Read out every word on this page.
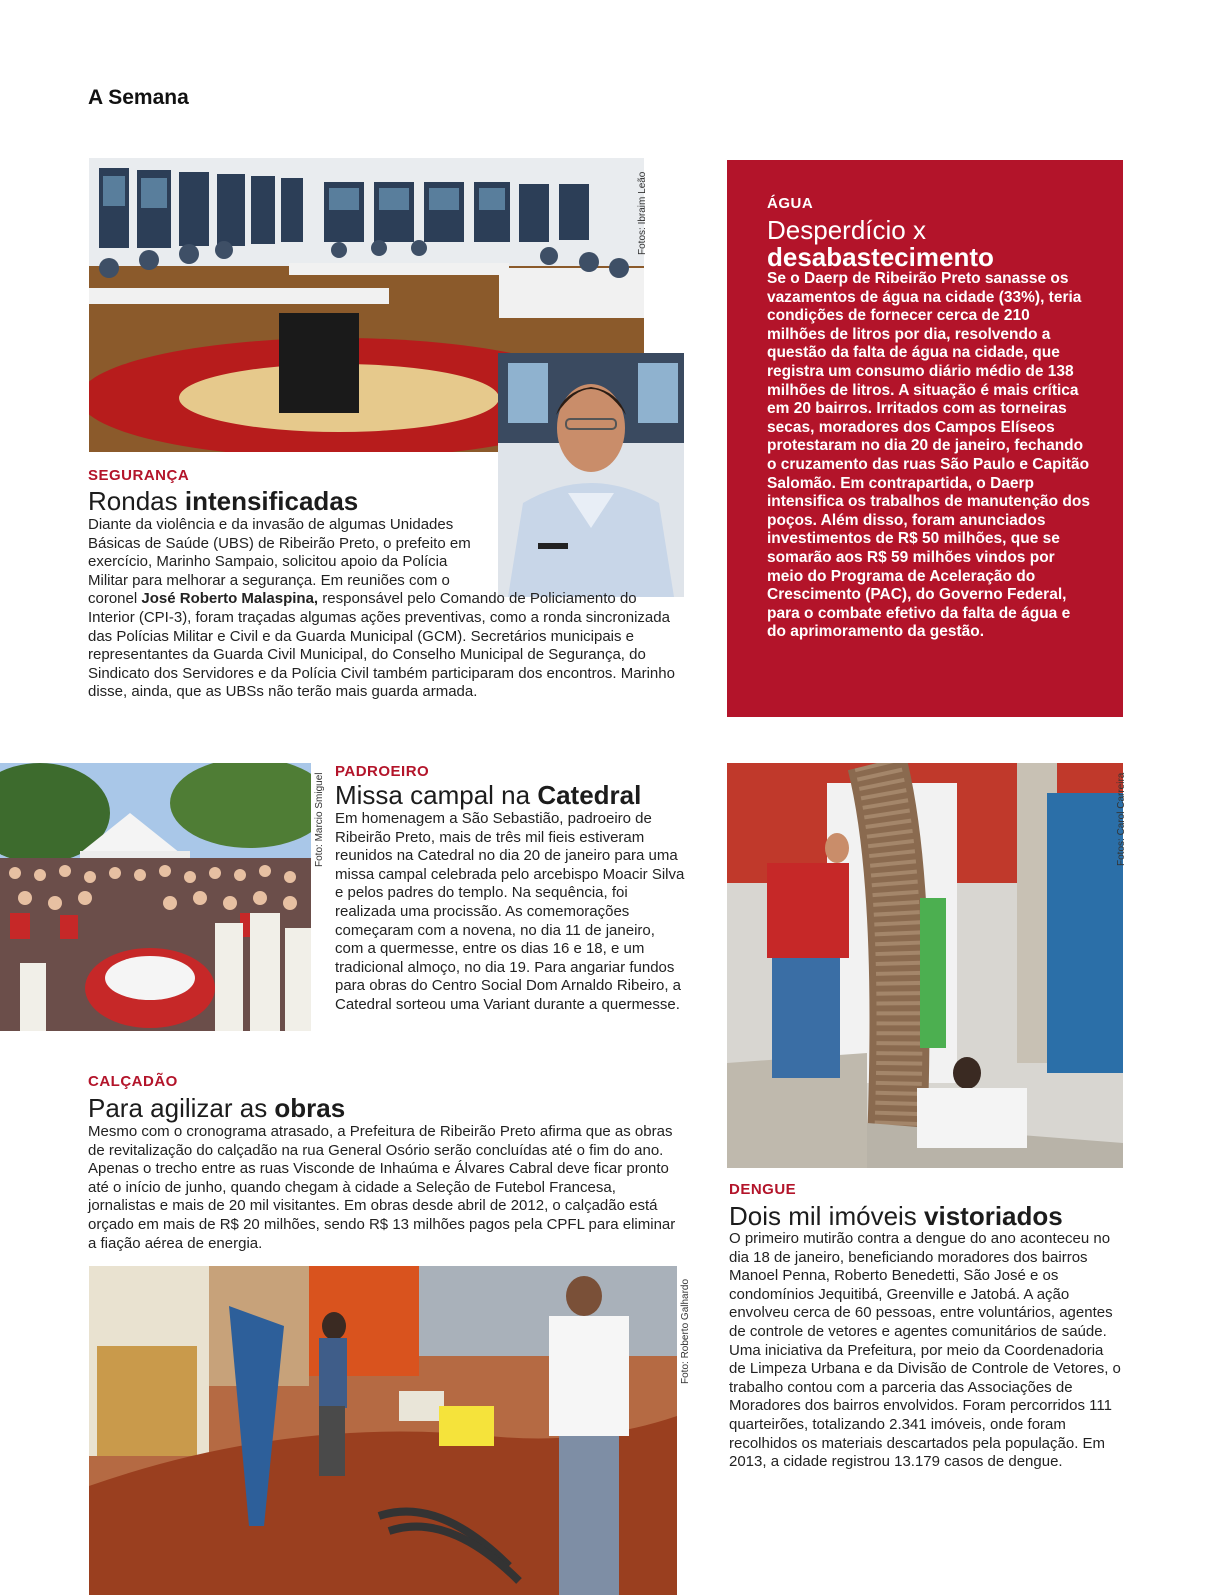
A Semana
Fotos: Ibraim Leão
SEGURANÇA
Rondas intensificadas

Diante da violência e da invasão de algumas Unidades Básicas de Saúde (UBS) de Ribeirão Preto, o prefeito em exercício, Marinho Sampaio, solicitou apoio da Polícia Militar para melhorar a segurança. Em reuniões com o coronel José Roberto Malaspina, responsável pelo Comando de Policiamento do Interior (CPI-3), foram traçadas algumas ações preventivas, como a ronda sincronizada das Polícias Militar e Civil e da Guarda Municipal (GCM). Secretários municipais e representantes da Guarda Civil Municipal, do Conselho Municipal de Segurança, do Sindicato dos Servidores e da Polícia Civil também participaram dos encontros. Marinho disse, ainda, que as UBSs não terão mais guarda armada.

ÁGUA
Desperdício x
desabastecimento

Se o Daerp de Ribeirão Preto sanasse os vazamentos de água na cidade (33%), teria condições de fornecer cerca de 210 milhões de litros por dia, resolvendo a questão da falta de água na cidade, que registra um consumo diário médio de 138 milhões de litros. A situação é mais crítica em 20 bairros. Irritados com as torneiras secas, moradores dos Campos Elíseos protestaram no dia 20 de janeiro, fechando o cruzamento das ruas São Paulo e Capitão Salomão. Em contrapartida, o Daerp intensifica os trabalhos de manutenção dos poços. Além disso, foram anunciados investimentos de R$ 50 milhões, que se somarão aos R$ 59 milhões vindos por meio do Programa de Aceleração do Crescimento (PAC), do Governo Federal, para o combate efetivo da falta de água e do aprimoramento da gestão.

Foto: Marcio Smiguel
PADROEIRO
Missa campal na Catedral

Em homenagem a São Sebastião, padroeiro de Ribeirão Preto, mais de três mil fieis estiveram reunidos na Catedral no dia 20 de janeiro para uma missa campal celebrada pelo arcebispo Moacir Silva e pelos padres do templo. Na sequência, foi realizada uma procissão. As comemorações começaram com a novena, no dia 11 de janeiro, com a quermesse, entre os dias 16 e 18, e um tradicional almoço, no dia 19. Para angariar fundos para obras do Centro Social Dom Arnaldo Ribeiro, a Catedral sorteou uma Variant durante a quermesse.

CALÇADÃO
Para agilizar as obras

Mesmo com o cronograma atrasado, a Prefeitura de Ribeirão Preto afirma que as obras de revitalização do calçadão na rua General Osório serão concluídas até o fim do ano. Apenas o trecho entre as ruas Visconde de Inhaúma e Álvares Cabral deve ficar pronto até o início de junho, quando chegam à cidade a Seleção de Futebol Francesa, jornalistas e mais de 20 mil visitantes. Em obras desde abril de 2012, o calçadão está orçado em mais de R$ 20 milhões, sendo R$ 13 milhões pagos pela CPFL para eliminar a fiação aérea de energia.

Foto: Roberto Galhardo
Fotos: Carol Carreira
DENGUE
Dois mil imóveis vistoriados

O primeiro mutirão contra a dengue do ano aconteceu no dia 18 de janeiro, beneficiando moradores dos bairros Manoel Penna, Roberto Benedetti, São José e os condomínios Jequitibá, Greenville e Jatobá. A ação envolveu cerca de 60 pessoas, entre voluntários, agentes de controle de vetores e agentes comunitários de saúde. Uma iniciativa da Prefeitura, por meio da Coordenadoria de Limpeza Urbana e da Divisão de Controle de Vetores, o trabalho contou com a parceria das Associações de Moradores dos bairros envolvidos. Foram percorridos 111 quarteirões, totalizando 2.341 imóveis, onde foram recolhidos os materiais descartados pela população. Em 2013, a cidade registrou 13.179 casos de dengue.
